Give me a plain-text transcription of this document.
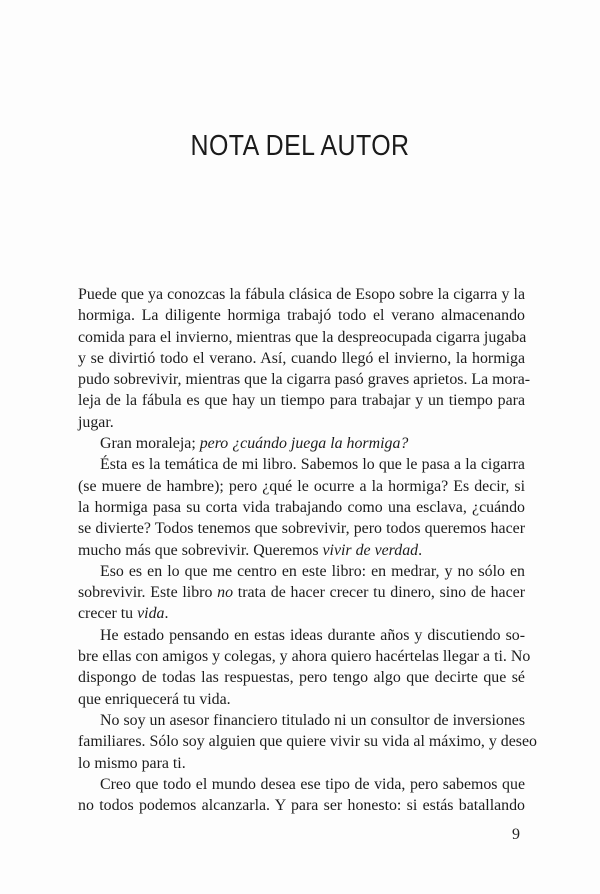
NOTA DEL AUTOR
Puede que ya conozcas la fábula clásica de Esopo sobre la cigarra y la
hormiga. La diligente hormiga trabajó todo el verano almacenando
comida para el invierno, mientras que la despreocupada cigarra jugaba
y se divirtió todo el verano. Así, cuando llegó el invierno, la hormiga
pudo sobrevivir, mientras que la cigarra pasó graves aprietos. La mora-
leja de la fábula es que hay un tiempo para trabajar y un tiempo para
jugar.
Gran moraleja; pero ¿cuándo juega la hormiga?
Ésta es la temática de mi libro. Sabemos lo que le pasa a la cigarra
(se muere de hambre); pero ¿qué le ocurre a la hormiga? Es decir, si
la hormiga pasa su corta vida trabajando como una esclava, ¿cuándo
se divierte? Todos tenemos que sobrevivir, pero todos queremos hacer
mucho más que sobrevivir. Queremos vivir de verdad.
Eso es en lo que me centro en este libro: en medrar, y no sólo en
sobrevivir. Este libro no trata de hacer crecer tu dinero, sino de hacer
crecer tu vida.
He estado pensando en estas ideas durante años y discutiendo so-
bre ellas con amigos y colegas, y ahora quiero hacértelas llegar a ti. No
dispongo de todas las respuestas, pero tengo algo que decirte que sé
que enriquecerá tu vida.
No soy un asesor financiero titulado ni un consultor de inversiones
familiares. Sólo soy alguien que quiere vivir su vida al máximo, y deseo
lo mismo para ti.
Creo que todo el mundo desea ese tipo de vida, pero sabemos que
no todos podemos alcanzarla. Y para ser honesto: si estás batallando
9
